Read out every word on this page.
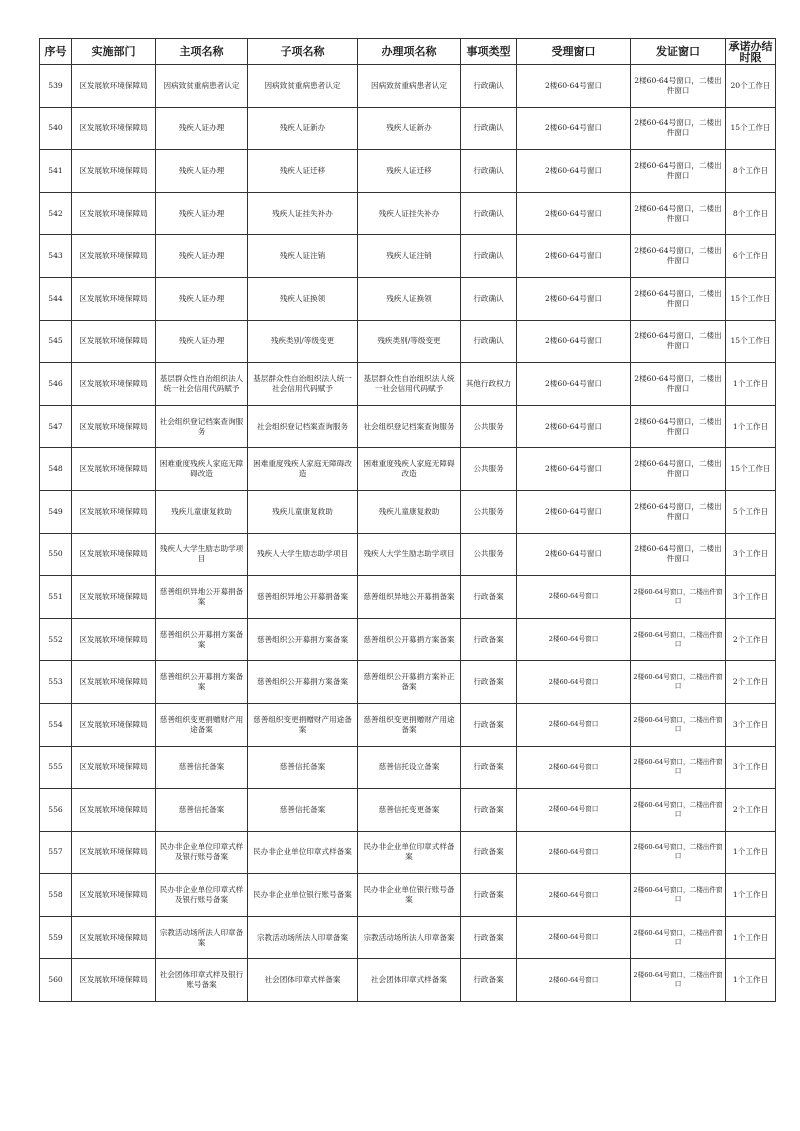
序号	实施部门	主项名称	子项名称	办理项名称	事项类型	受理窗口	发证窗口	承诺办结时限
539	区发展软环境保障局	因病致贫重病患者认定	因病致贫重病患者认定	因病致贫重病患者认定	行政确认	2楼60-64号窗口	2楼60-64号窗口，二楼出件窗口	20个工作日
540	区发展软环境保障局	残疾人证办理	残疾人证新办	残疾人证新办	行政确认	2楼60-64号窗口	2楼60-64号窗口，二楼出件窗口	15个工作日
541	区发展软环境保障局	残疾人证办理	残疾人证迁移	残疾人证迁移	行政确认	2楼60-64号窗口	2楼60-64号窗口，二楼出件窗口	8个工作日
542	区发展软环境保障局	残疾人证办理	残疾人证挂失补办	残疾人证挂失补办	行政确认	2楼60-64号窗口	2楼60-64号窗口，二楼出件窗口	8个工作日
543	区发展软环境保障局	残疾人证办理	残疾人证注销	残疾人证注销	行政确认	2楼60-64号窗口	2楼60-64号窗口，二楼出件窗口	6个工作日
544	区发展软环境保障局	残疾人证办理	残疾人证换领	残疾人证换领	行政确认	2楼60-64号窗口	2楼60-64号窗口，二楼出件窗口	15个工作日
545	区发展软环境保障局	残疾人证办理	残疾类别/等级变更	残疾类别/等级变更	行政确认	2楼60-64号窗口	2楼60-64号窗口，二楼出件窗口	15个工作日
546	区发展软环境保障局	基层群众性自治组织法人统一社会信用代码赋予	基层群众性自治组织法人统一社会信用代码赋予	基层群众性自治组织法人统一社会信用代码赋予	其他行政权力	2楼60-64号窗口	2楼60-64号窗口，二楼出件窗口	1个工作日
547	区发展软环境保障局	社会组织登记档案查询服务	社会组织登记档案查询服务	社会组织登记档案查询服务	公共服务	2楼60-64号窗口	2楼60-64号窗口，二楼出件窗口	1个工作日
548	区发展软环境保障局	困难重度残疾人家庭无障碍改造	困难重度残疾人家庭无障碍改造	困难重度残疾人家庭无障碍改造	公共服务	2楼60-64号窗口	2楼60-64号窗口，二楼出件窗口	15个工作日
549	区发展软环境保障局	残疾儿童康复救助	残疾儿童康复救助	残疾儿童康复救助	公共服务	2楼60-64号窗口	2楼60-64号窗口，二楼出件窗口	5个工作日
550	区发展软环境保障局	残疾人大学生励志助学项目	残疾人大学生励志助学项目	残疾人大学生励志助学项目	公共服务	2楼60-64号窗口	2楼60-64号窗口，二楼出件窗口	3个工作日
551	区发展软环境保障局	慈善组织异地公开募捐备案	慈善组织异地公开募捐备案	慈善组织异地公开募捐备案	行政备案	2楼60-64号窗口	2楼60-64号窗口，二楼出件窗口	3个工作日
552	区发展软环境保障局	慈善组织公开募捐方案备案	慈善组织公开募捐方案备案	慈善组织公开募捐方案备案	行政备案	2楼60-64号窗口	2楼60-64号窗口，二楼出件窗口	2个工作日
553	区发展软环境保障局	慈善组织公开募捐方案备案	慈善组织公开募捐方案备案	慈善组织公开募捐方案补正备案	行政备案	2楼60-64号窗口	2楼60-64号窗口，二楼出件窗口	2个工作日
554	区发展软环境保障局	慈善组织变更捐赠财产用途备案	慈善组织变更捐赠财产用途备案	慈善组织变更捐赠财产用途备案	行政备案	2楼60-64号窗口	2楼60-64号窗口，二楼出件窗口	3个工作日
555	区发展软环境保障局	慈善信托备案	慈善信托备案	慈善信托设立备案	行政备案	2楼60-64号窗口	2楼60-64号窗口，二楼出件窗口	3个工作日
556	区发展软环境保障局	慈善信托备案	慈善信托备案	慈善信托变更备案	行政备案	2楼60-64号窗口	2楼60-64号窗口，二楼出件窗口	2个工作日
557	区发展软环境保障局	民办非企业单位印章式样及银行账号备案	民办非企业单位印章式样备案	民办非企业单位印章式样备案	行政备案	2楼60-64号窗口	2楼60-64号窗口，二楼出件窗口	1个工作日
558	区发展软环境保障局	民办非企业单位印章式样及银行账号备案	民办非企业单位银行账号备案	民办非企业单位银行账号备案	行政备案	2楼60-64号窗口	2楼60-64号窗口，二楼出件窗口	1个工作日
559	区发展软环境保障局	宗教活动场所法人印章备案	宗教活动场所法人印章备案	宗教活动场所法人印章备案	行政备案	2楼60-64号窗口	2楼60-64号窗口，二楼出件窗口	1个工作日
560	区发展软环境保障局	社会团体印章式样及银行账号备案	社会团体印章式样备案	社会团体印章式样备案	行政备案	2楼60-64号窗口	2楼60-64号窗口，二楼出件窗口	1个工作日
